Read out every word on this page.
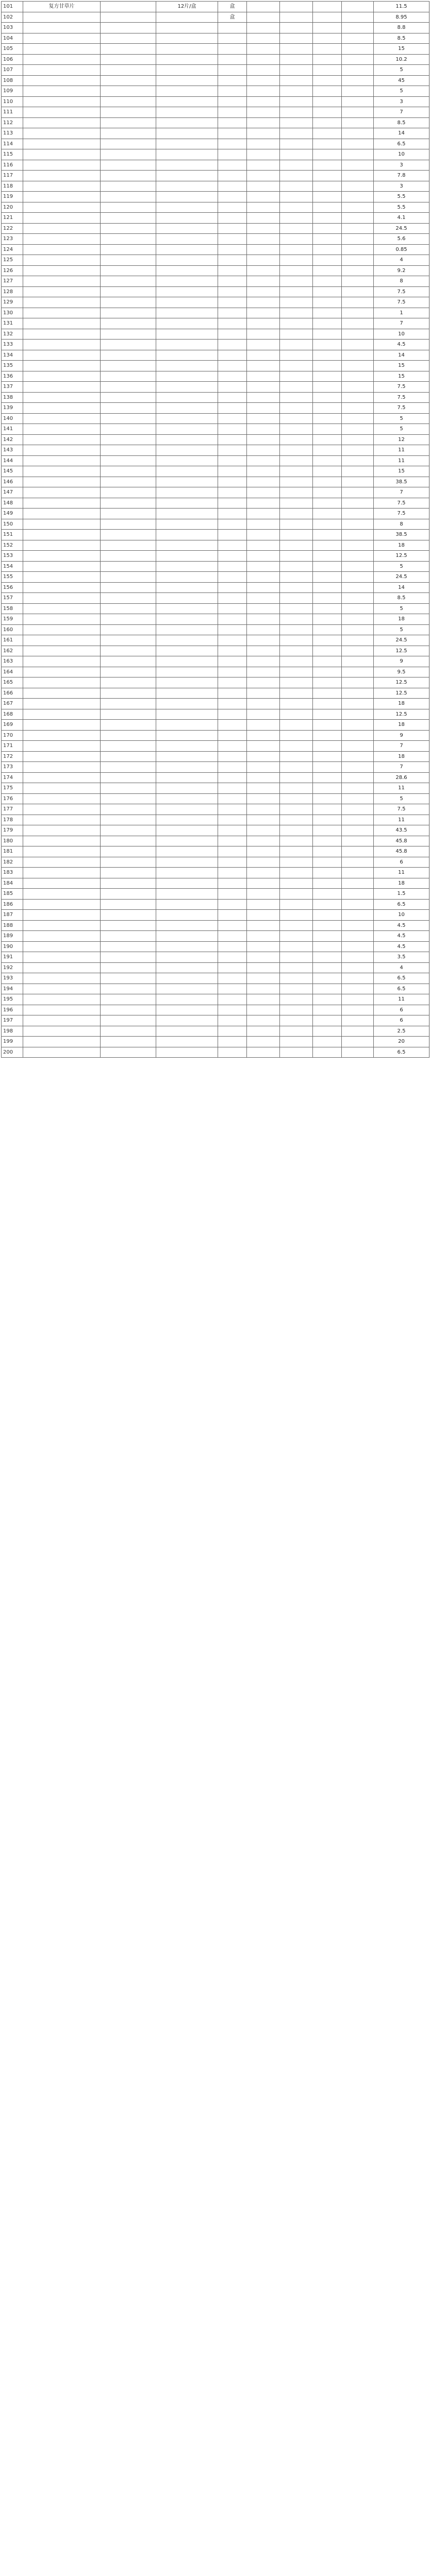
101	复方甘草片		12片/盒	盒					11.5
102				盒					8.95
103									8.8
104									8.5
105									15
106									10.2
107									5
108									45
109									5
110									3
111									7
112									8.5
113									14
114									6.5
115									10
116									3
117									7.8
118									3
119									5.5
120									5.5
121									4.1
122									24.5
123									5.6
124									0.85
125									4
126									9.2
127									8
128									7.5
129									7.5
130									1
131									7
132									10
133									4.5
134									14
135									15
136									15
137									7.5
138									7.5
139									7.5
140									5
141									5
142									12
143									11
144									11
145									15
146									38.5
147									7
148									7.5
149									7.5
150									8
151									38.5
152									18
153									12.5
154									5
155									24.5
156									14
157									8.5
158									5
159									18
160									5
161									24.5
162									12.5
163									9
164									9.5
165									12.5
166									12.5
167									18
168									12.5
169									18
170									9
171									7
172									18
173									7
174									28.6
175									11
176									5
177									7.5
178									11
179									43.5
180									45.8
181									45.8
182									6
183									11
184									18
185									1.5
186									6.5
187									10
188									4.5
189									4.5
190									4.5
191									3.5
192									4
193									6.5
194									6.5
195									11
196									6
197									6
198									2.5
199									20
200									6.5
